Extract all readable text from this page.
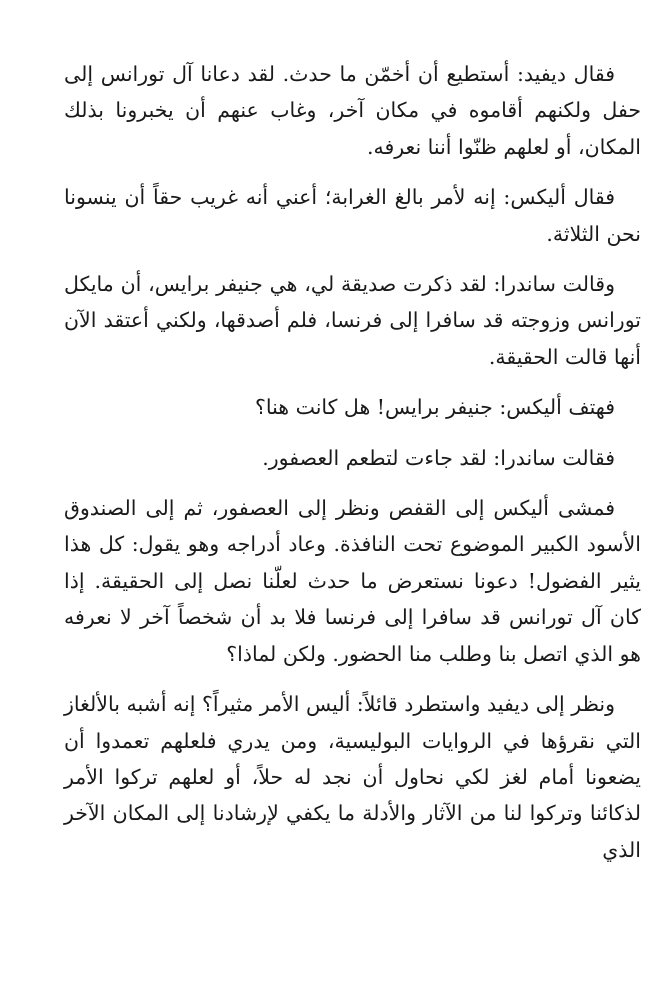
فقال ديفيد: أستطيع أن أخمّن ما حدث. لقد دعانا آل تورانس إلى حفل ولكنهم أقاموه في مكان آخر، وغاب عنهم أن يخبرونا بذلك المكان، أو لعلهم ظنّوا أننا نعرفه.

فقال أليكس: إنه لأمر بالغ الغرابة؛ أعني أنه غريب حقاً أن ينسونا نحن الثلاثة.

وقالت ساندرا: لقد ذكرت صديقة لي، هي جنيفر برايس، أن مايكل تورانس وزوجته قد سافرا إلى فرنسا، فلم أصدقها، ولكني أعتقد الآن أنها قالت الحقيقة.

فهتف أليكس: جنيفر برايس! هل كانت هنا؟

فقالت ساندرا: لقد جاءت لتطعم العصفور.

فمشى أليكس إلى القفص ونظر إلى العصفور، ثم إلى الصندوق الأسود الكبير الموضوع تحت النافذة. وعاد أدراجه وهو يقول: كل هذا يثير الفضول! دعونا نستعرض ما حدث لعلّنا نصل إلى الحقيقة. إذا كان آل تورانس قد سافرا إلى فرنسا فلا بد أن شخصاً آخر لا نعرفه هو الذي اتصل بنا وطلب منا الحضور. ولكن لماذا؟

ونظر إلى ديفيد واستطرد قائلاً: أليس الأمر مثيراً؟ إنه أشبه بالألغاز التي نقرؤها في الروايات البوليسية، ومن يدري فلعلهم تعمدوا أن يضعونا أمام لغز لكي نحاول أن نجد له حلاً، أو لعلهم تركوا الأمر لذكائنا وتركوا لنا من الآثار والأدلة ما يكفي لإرشادنا إلى المكان الآخر الذي
